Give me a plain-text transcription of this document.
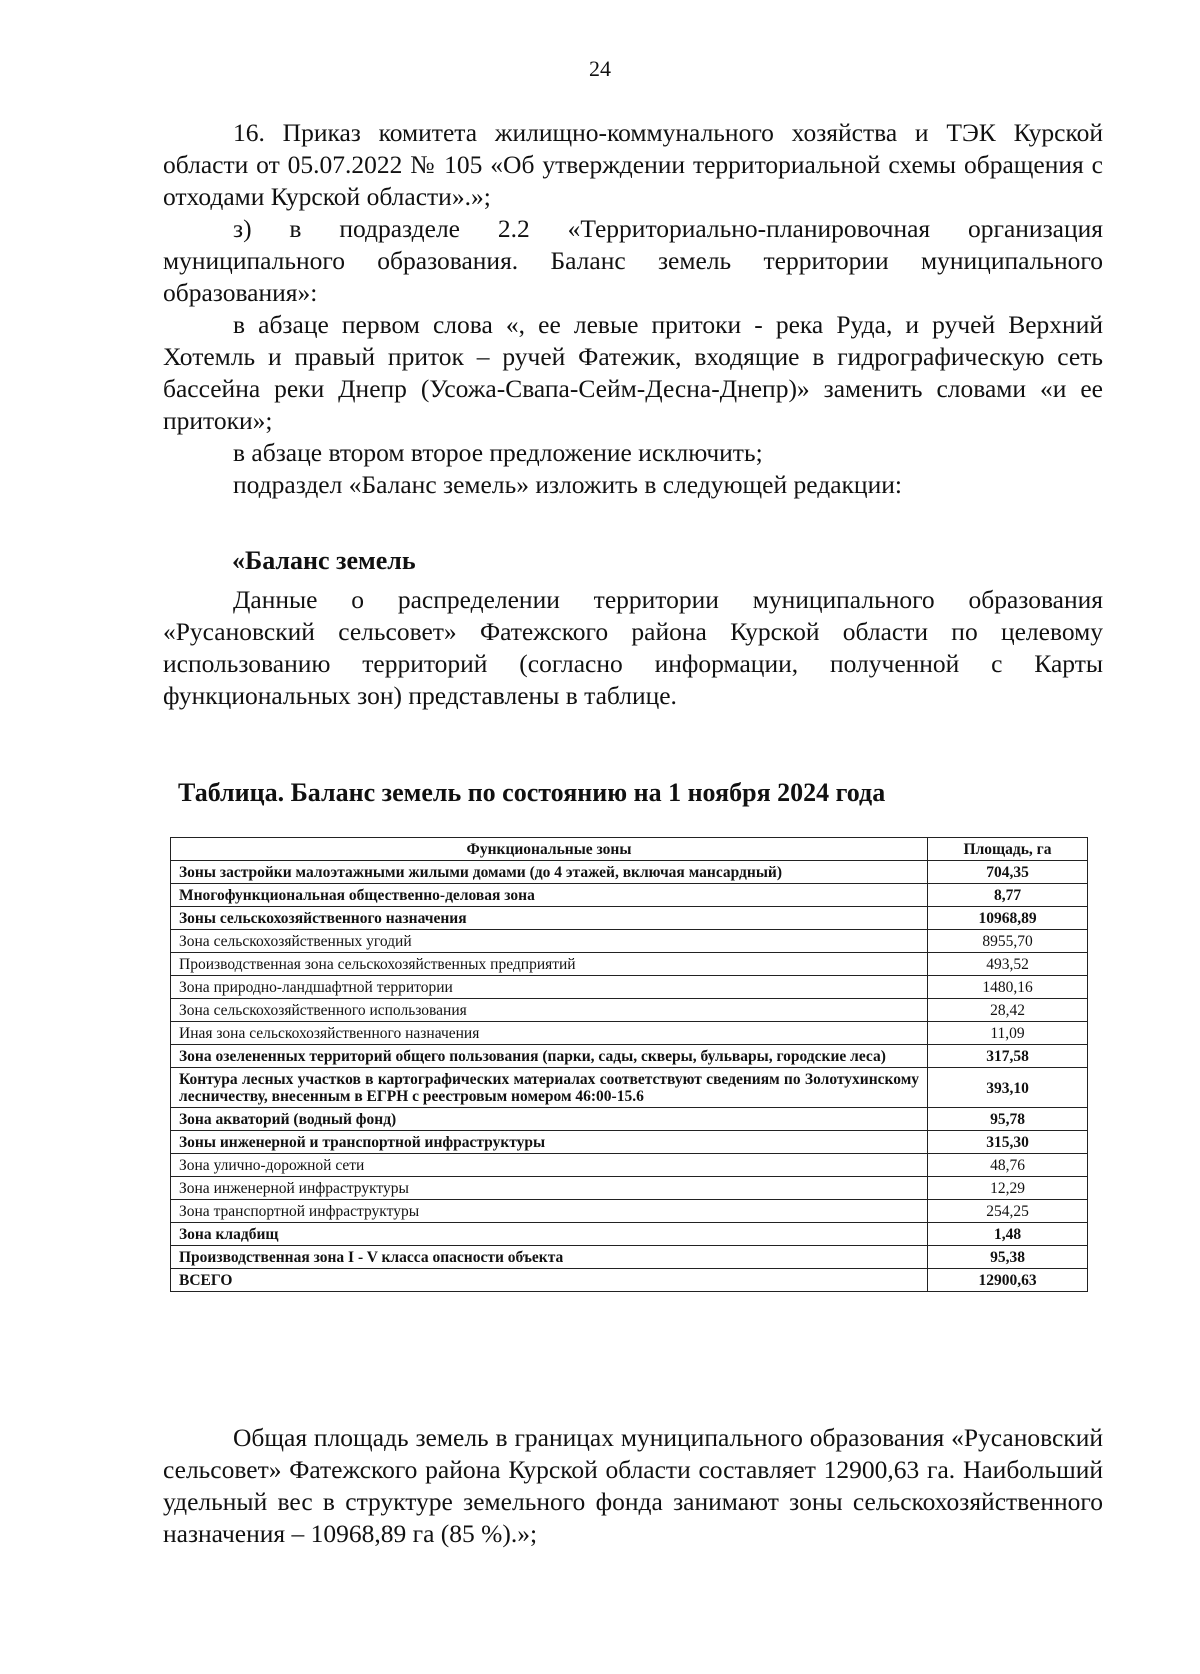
24

16. Приказ комитета жилищно-коммунального хозяйства и ТЭК Курской области от 05.07.2022 № 105 «Об утверждении территориальной схемы обращения с отходами Курской области».»;

з) в подразделе 2.2 «Территориально-планировочная организация муниципального образования. Баланс земель территории муниципального образования»:

в абзаце первом слова «, ее левые притоки - река Руда, и ручей Верхний Хотемль и правый приток – ручей Фатежик, входящие в гидрографическую сеть бассейна реки Днепр (Усожа-Свапа-Сейм-Десна-Днепр)» заменить словами «и ее притоки»;

в абзаце втором второе предложение исключить;

подраздел «Баланс земель» изложить в следующей редакции:

«Баланс земель

Данные о распределении территории муниципального образования «Русановский сельсовет» Фатежского района Курской области по целевому использованию территорий (согласно информации, полученной с Карты функциональных зон) представлены в таблице.

Таблица. Баланс земель по состоянию на 1 ноября 2024 года
Функциональные зоны	Площадь, га
Зоны застройки малоэтажными жилыми домами (до 4 этажей, включая мансардный)	704,35
Многофункциональная общественно-деловая зона	8,77
Зоны сельскохозяйственного назначения	10968,89
Зона сельскохозяйственных угодий	8955,70
Производственная зона сельскохозяйственных предприятий	493,52
Зона природно-ландшафтной территории	1480,16
Зона сельскохозяйственного использования	28,42
Иная зона сельскохозяйственного назначения	11,09
Зона озелененных территорий общего пользования (парки, сады, скверы, бульвары, городские леса)	317,58
Контура лесных участков в картографических материалах соответствуют сведениям по Золотухинскому лесничеству, внесенным в ЕГРН с реестровым номером 46:00-15.6	393,10
Зона акваторий (водный фонд)	95,78
Зоны инженерной и транспортной инфраструктуры	315,30
Зона улично-дорожной сети	48,76
Зона инженерной инфраструктуры	12,29
Зона транспортной инфраструктуры	254,25
Зона кладбищ	1,48
Производственная зона I - V класса опасности объекта	95,38
ВСЕГО	12900,63

Общая площадь земель в границах муниципального образования «Русановский сельсовет» Фатежского района Курской области составляет 12900,63 га. Наибольший удельный вес в структуре земельного фонда занимают зоны сельскохозяйственного назначения – 10968,89 га (85 %).»;
